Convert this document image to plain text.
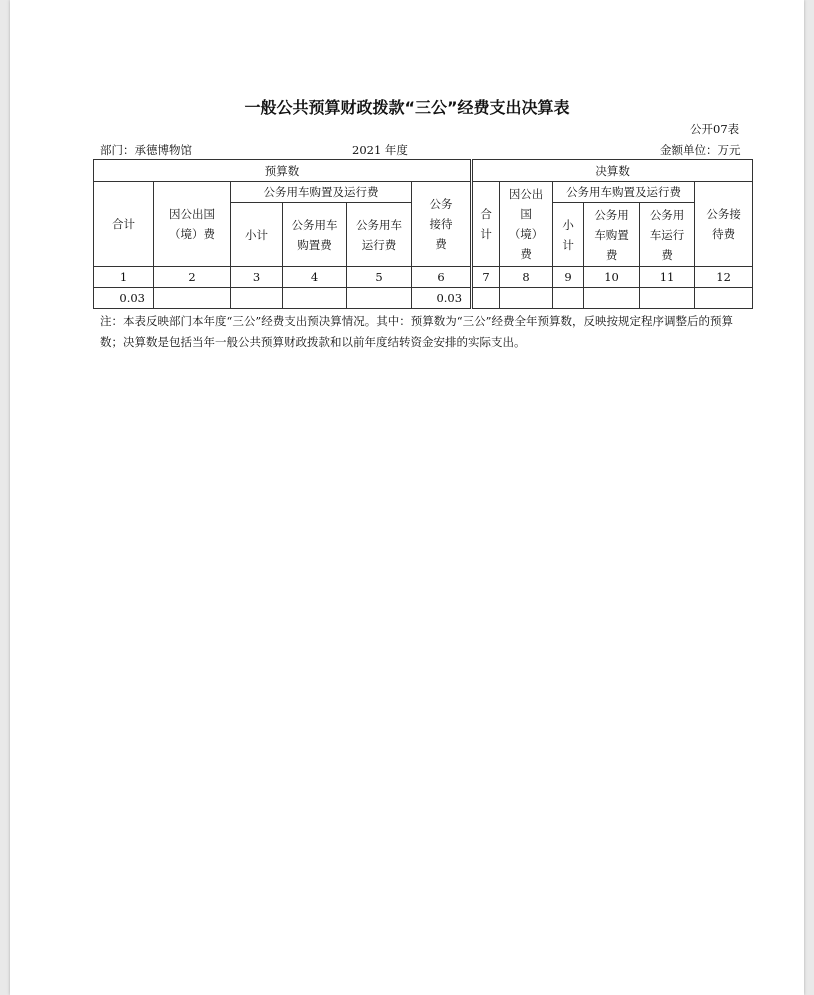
一般公共预算财政拨款“三公”经费支出决算表
公开07表
部门：承德博物馆	2021 年度	金额单位：万元
预算数							决算数					
合计	因公出国（境）费	公务用车购置及运行费			公务接待费		合计	因公出国（境）费	公务用车购置及运行费			公务接待费
		小计	公务用车购置费	公务用车运行费					小计	公务用车购置费	公务用车运行费	
1	2	3	4	5	6		7	8	9	10	11	12
0.03					0.03							
注：本表反映部门本年度“三公”经费支出预决算情况。其中：预算数为“三公”经费全年预算数，反映按规定程序调整后的预算数；决算数是包括当年一般公共预算财政拨款和以前年度结转资金安排的实际支出。
